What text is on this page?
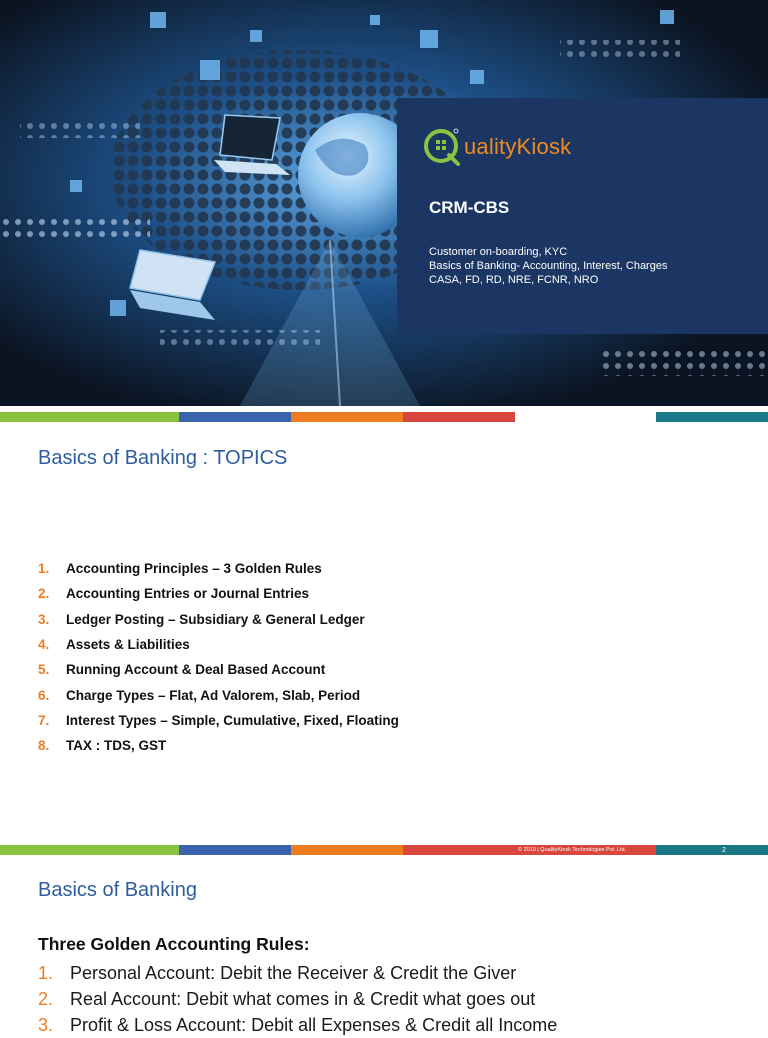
ualityKiosk
CRM-CBS
Customer on-boarding, KYC
Basics of Banking- Accounting, Interest, Charges
CASA, FD, RD, NRE, FCNR, NRO
Basics of Banking : TOPICS
1.	Accounting Principles – 3 Golden Rules
2.	Accounting Entries or Journal Entries
3.	Ledger Posting – Subsidiary & General Ledger
4.	Assets & Liabilities
5.	Running Account & Deal Based Account
6.	Charge Types – Flat, Ad Valorem, Slab, Period
7.	Interest Types – Simple, Cumulative, Fixed, Floating
8.	TAX : TDS, GST
© 2019 | QualityKiosk Technologies Pvt. Ltd.	2
Basics of Banking
Three Golden Accounting Rules:
1. Personal Account: Debit the Receiver & Credit the Giver
2. Real Account: Debit what comes in & Credit what goes out
3. Profit & Loss Account: Debit all Expenses & Credit all Income
